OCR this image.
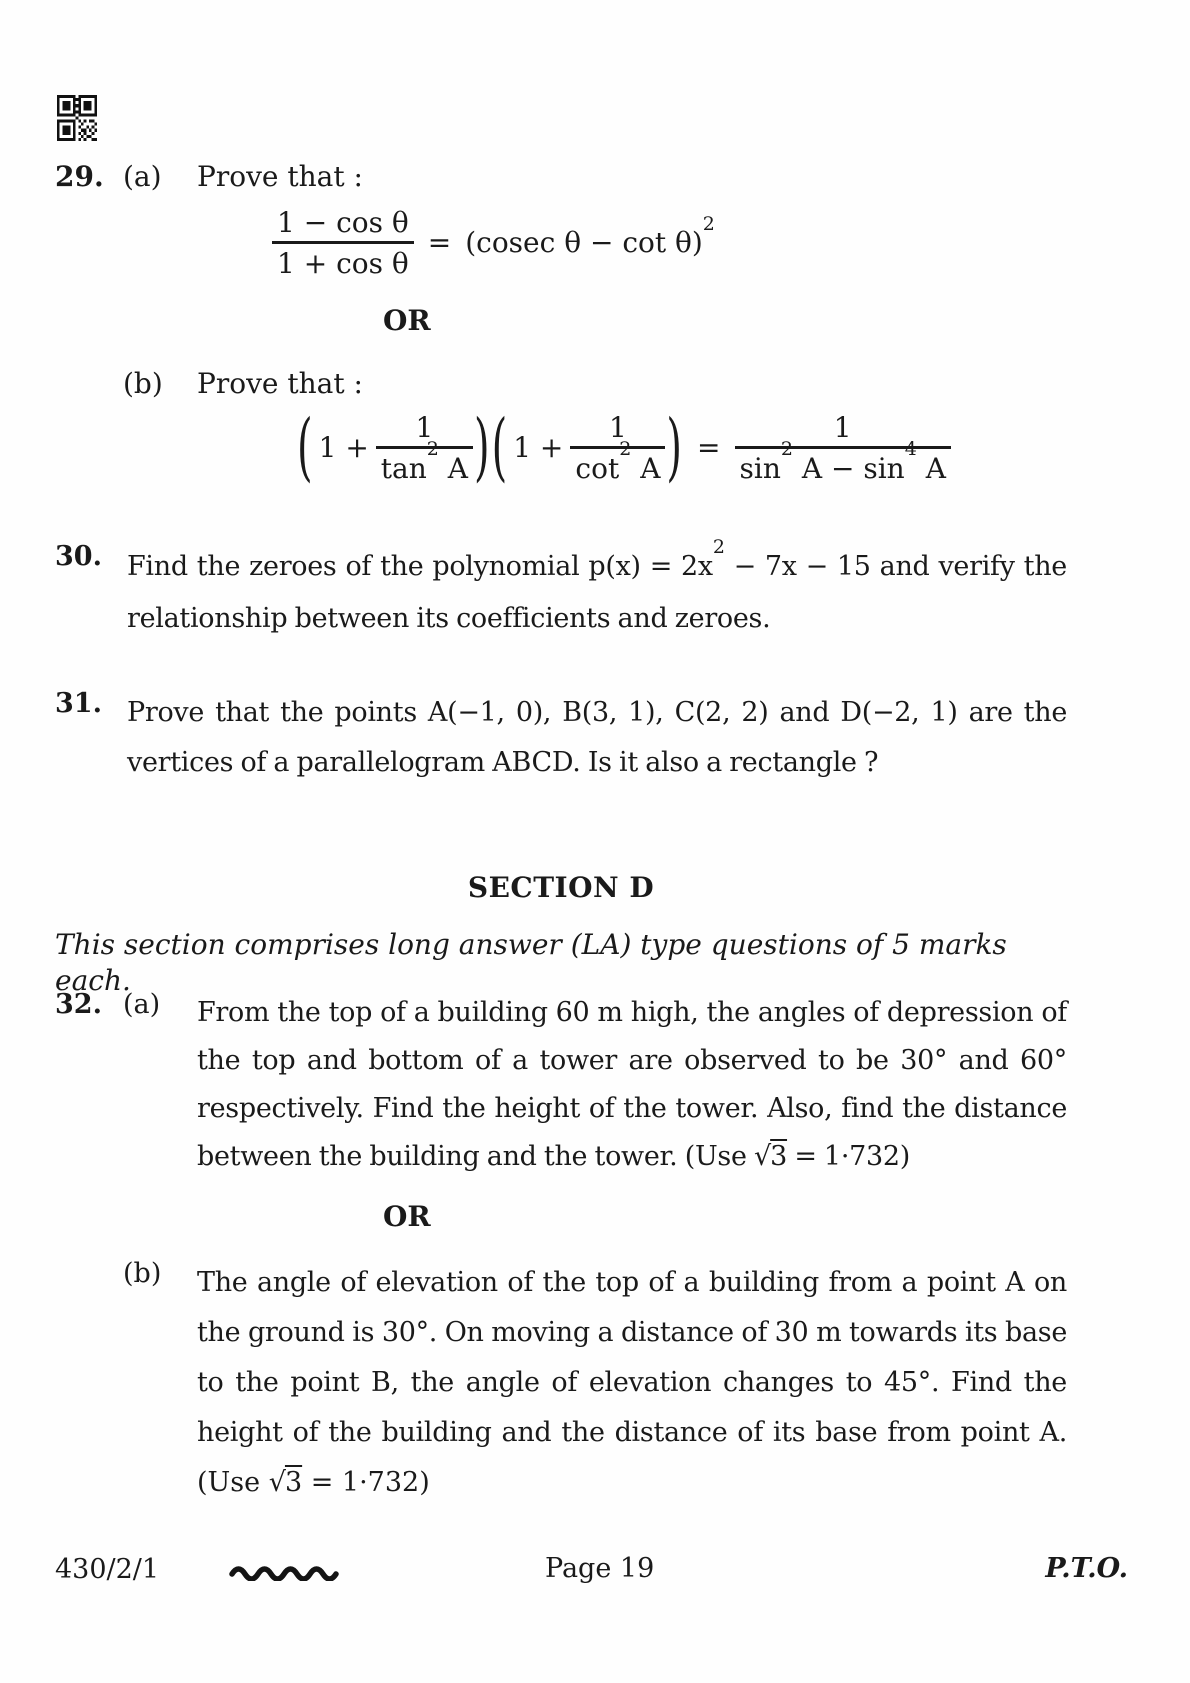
29. (a) Prove that :
$\frac{\text{1 − cos θ}}{\text{1 + cos θ}} = (cosec$ θ − cot θ)$^2$
OR
(b) Prove that :
( $1 + \frac{1}{\tan^2 A}$ ) ( $1 + \frac{1}{\cot^2 A}$ ) = $\frac{1}{\sin^2 A - \sin^4 A}$
30. Find the zeroes of the polynomial $p(x) = 2x^2 - 7x - 15$ and verify the relationship between its coefficients and zeroes.
31. Prove that the points A(−1, 0), B(3, 1), C(2, 2) and D(−2, 1) are the vertices of a parallelogram ABCD. Is it also a rectangle ?
SECTION D
This section comprises long answer (LA) type questions of 5 marks each.
32. (a) From the top of a building 60 m high, the angles of depression of the top and bottom of a tower are observed to be 30° and 60° respectively. Find the height of the tower. Also, find the distance between the building and the tower. (Use √3 = 1·732)
OR
(b) The angle of elevation of the top of a building from a point A on the ground is 30°. On moving a distance of 30 m towards its base to the point B, the angle of elevation changes to 45°. Find the height of the building and the distance of its base from point A.
(Use √3 = 1·732)
430/2/1	Page 19	P.T.O.
